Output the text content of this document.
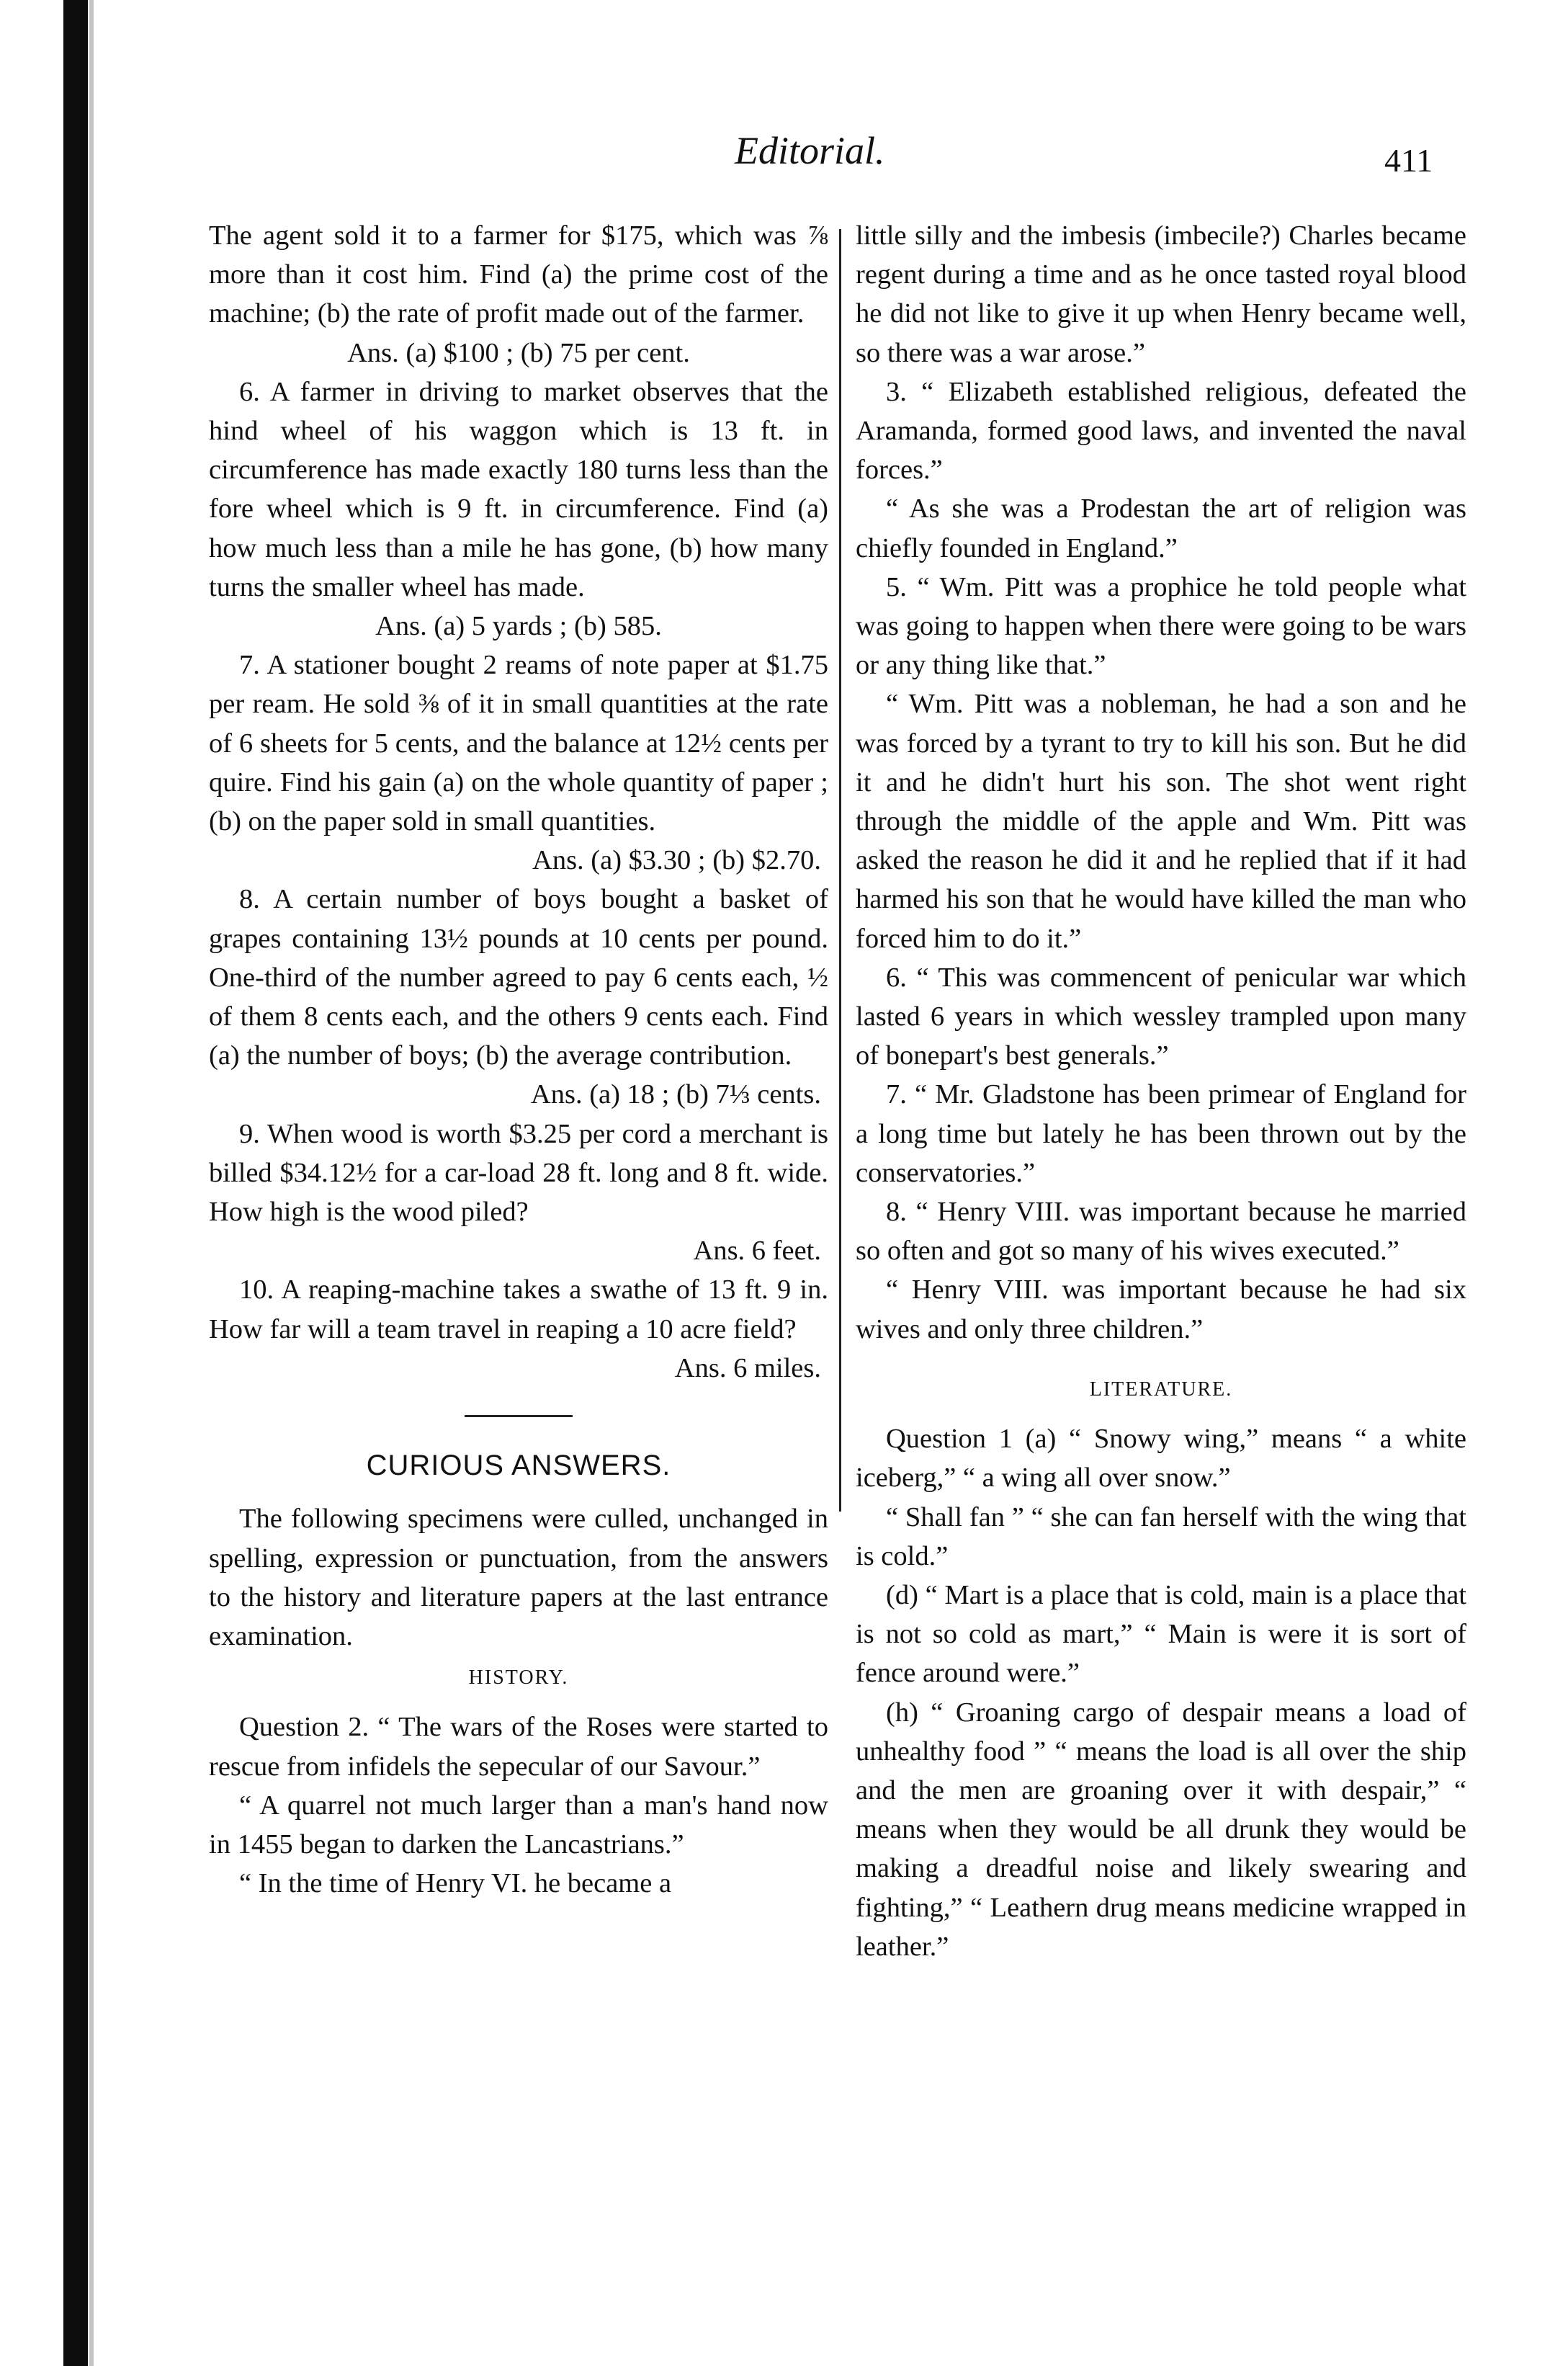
Editorial.	411

The agent sold it to a farmer for $175, which was ⅞ more than it cost him. Find (a) the prime cost of the machine; (b) the rate of profit made out of the farmer.

Ans. (a) $100 ; (b) 75 per cent.

6. A farmer in driving to market observes that the hind wheel of his waggon which is 13 ft. in circumference has made exactly 180 turns less than the fore wheel which is 9 ft. in circumference. Find (a) how much less than a mile he has gone, (b) how many turns the smaller wheel has made.

Ans. (a) 5 yards ; (b) 585.

7. A stationer bought 2 reams of note paper at $1.75 per ream. He sold ⅜ of it in small quantities at the rate of 6 sheets for 5 cents, and the balance at 12½ cents per quire. Find his gain (a) on the whole quantity of paper ; (b) on the paper sold in small quantities.

Ans. (a) $3.30 ; (b) $2.70.

8. A certain number of boys bought a basket of grapes containing 13½ pounds at 10 cents per pound. One-third of the number agreed to pay 6 cents each, ½ of them 8 cents each, and the others 9 cents each. Find (a) the number of boys; (b) the average contribution.

Ans. (a) 18 ; (b) 7⅓ cents.

9. When wood is worth $3.25 per cord a merchant is billed $34.12½ for a car-load 28 ft. long and 8 ft. wide. How high is the wood piled?

Ans. 6 feet.

10. A reaping-machine takes a swathe of 13 ft. 9 in. How far will a team travel in reaping a 10 acre field?

Ans. 6 miles.

CURIOUS ANSWERS.

The following specimens were culled, unchanged in spelling, expression or punctuation, from the answers to the history and literature papers at the last entrance examination.

HISTORY.

Question 2. “ The wars of the Roses were started to rescue from infidels the sepecular of our Savour.”

“ A quarrel not much larger than a man's hand now in 1455 began to darken the Lancastrians.”

“ In the time of Henry VI. he became a

little silly and the imbesis (imbecile?) Charles became regent during a time and as he once tasted royal blood he did not like to give it up when Henry became well, so there was a war arose.”

3. “ Elizabeth established religious, defeated the Aramanda, formed good laws, and invented the naval forces.”

“ As she was a Prodestan the art of religion was chiefly founded in England.”

5. “ Wm. Pitt was a prophice he told people what was going to happen when there were going to be wars or any thing like that.”

“ Wm. Pitt was a nobleman, he had a son and he was forced by a tyrant to try to kill his son. But he did it and he didn't hurt his son. The shot went right through the middle of the apple and Wm. Pitt was asked the reason he did it and he replied that if it had harmed his son that he would have killed the man who forced him to do it.”

6. “ This was commencent of penicular war which lasted 6 years in which wessley trampled upon many of bonepart's best generals.”

7. “ Mr. Gladstone has been primear of England for a long time but lately he has been thrown out by the conservatories.”

8. “ Henry VIII. was important because he married so often and got so many of his wives executed.”

“ Henry VIII. was important because he had six wives and only three children.”

LITERATURE.

Question 1 (a) “ Snowy wing,” means “ a white iceberg,” “ a wing all over snow.”

“ Shall fan ” “ she can fan herself with the wing that is cold.”

(d) “ Mart is a place that is cold, main is a place that is not so cold as mart,” “ Main is were it is sort of fence around were.”

(h) “ Groaning cargo of despair means a load of unhealthy food ” “ means the load is all over the ship and the men are groaning over it with despair,” “ means when they would be all drunk they would be making a dreadful noise and likely swearing and fighting,” “ Leathern drug means medicine wrapped in leather.”
